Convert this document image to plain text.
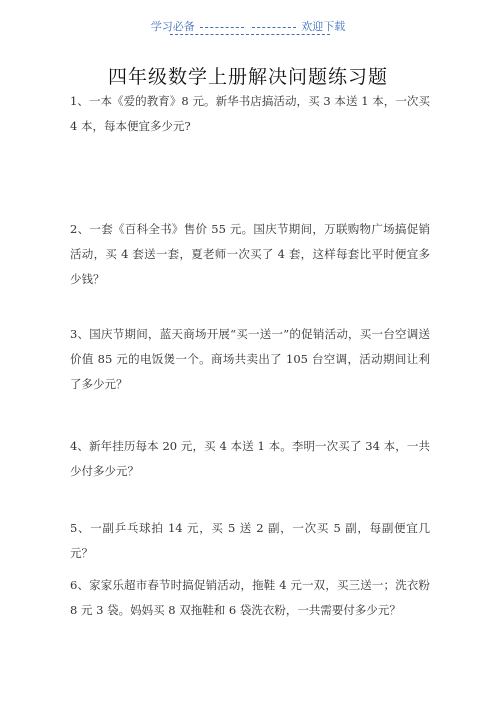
学习必备	欢迎下载
四年级数学上册解决问题练习题
1、一本《爱的教育》8 元。新华书店搞活动，买 3 本送 1 本，一次买 4 本，每本便宜多少元?
2、一套《百科全书》售价 55 元。国庆节期间，万联购物广场搞促销活动，买 4 套送一套，夏老师一次买了 4 套，这样每套比平时便宜多少钱？
3、国庆节期间，蓝天商场开展“买一送一”的促销活动，买一台空调送价值 85 元的电饭煲一个。商场共卖出了 105 台空调，活动期间让利了多少元？
4、新年挂历每本 20 元，买 4 本送 1 本。李明一次买了 34 本，一共少付多少元？
5、一副乒乓球拍 14 元，买 5 送 2 副，一次买 5 副，每副便宜几元？
6、家家乐超市春节时搞促销活动，拖鞋 4 元一双，买三送一；洗衣粉 8 元 3 袋。妈妈买 8 双拖鞋和 6 袋洗衣粉，一共需要付多少元？
